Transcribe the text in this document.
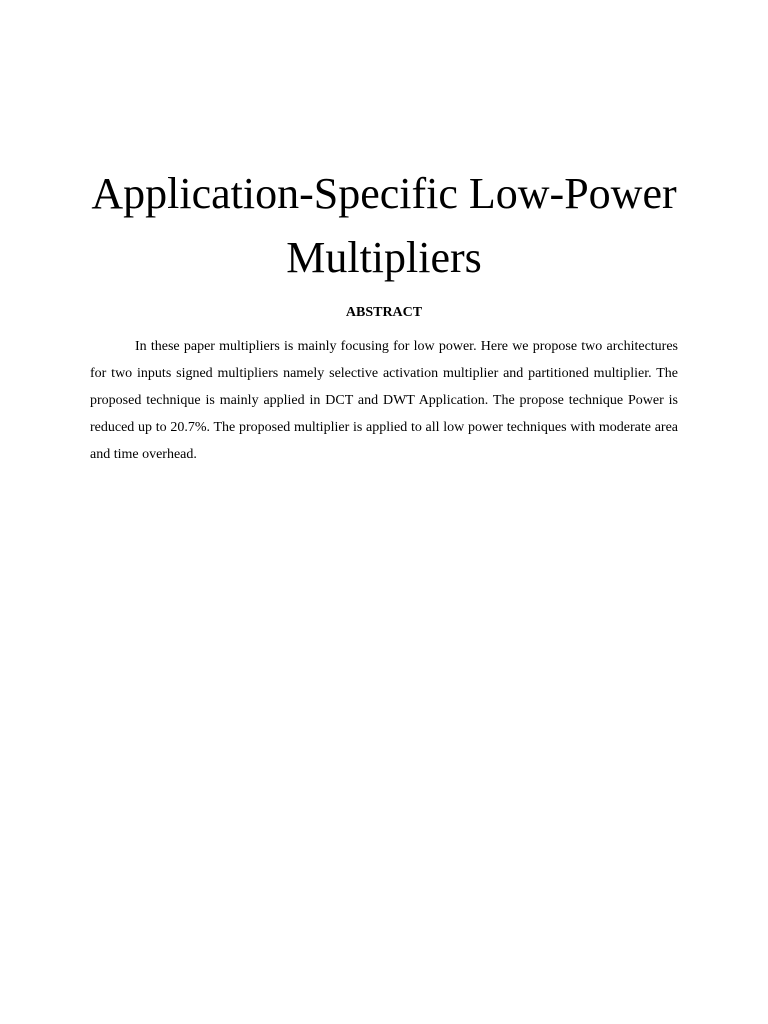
Application-Specific Low-Power Multipliers
ABSTRACT

In these paper multipliers is mainly focusing for low power. Here we propose two architectures for two inputs signed multipliers namely selective activation multiplier and partitioned multiplier. The proposed technique is mainly applied in DCT and DWT Application. The propose technique Power is reduced up to 20.7%. The proposed multiplier is applied to all low power techniques with moderate area and time overhead.
